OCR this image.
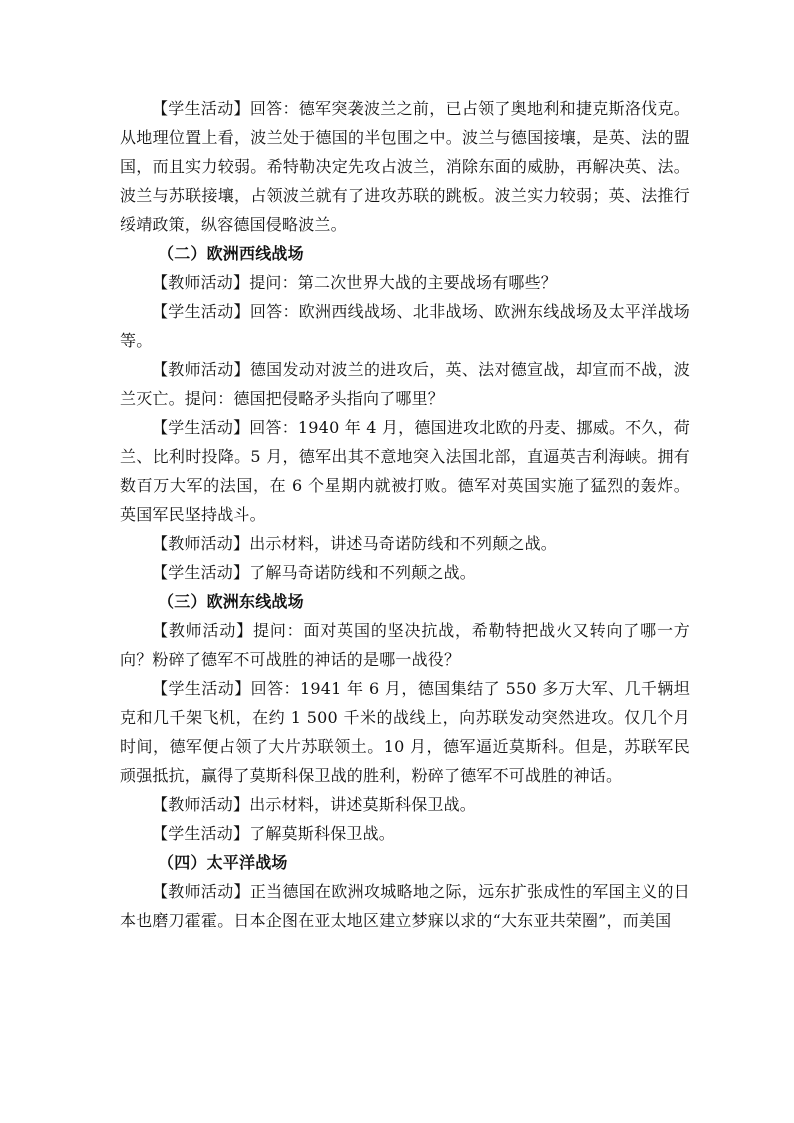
【学生活动】回答：德军突袭波兰之前，已占领了奥地利和捷克斯洛伐克。从地理位置上看，波兰处于德国的半包围之中。波兰与德国接壤，是英、法的盟国，而且实力较弱。希特勒决定先攻占波兰，消除东面的威胁，再解决英、法。波兰与苏联接壤，占领波兰就有了进攻苏联的跳板。波兰实力较弱；英、法推行绥靖政策，纵容德国侵略波兰。

（二）欧洲西线战场

【教师活动】提问：第二次世界大战的主要战场有哪些？

【学生活动】回答：欧洲西线战场、北非战场、欧洲东线战场及太平洋战场等。

【教师活动】德国发动对波兰的进攻后，英、法对德宣战，却宣而不战，波兰灭亡。提问：德国把侵略矛头指向了哪里？

【学生活动】回答：1940 年 4 月，德国进攻北欧的丹麦、挪威。不久，荷兰、比利时投降。5 月，德军出其不意地突入法国北部，直逼英吉利海峡。拥有数百万大军的法国，在 6 个星期内就被打败。德军对英国实施了猛烈的轰炸。英国军民坚持战斗。

【教师活动】出示材料，讲述马奇诺防线和不列颠之战。

【学生活动】了解马奇诺防线和不列颠之战。

（三）欧洲东线战场

【教师活动】提问：面对英国的坚决抗战，希勒特把战火又转向了哪一方向？粉碎了德军不可战胜的神话的是哪一战役？

【学生活动】回答：1941 年 6 月，德国集结了 550 多万大军、几千辆坦克和几千架飞机，在约 1 500 千米的战线上，向苏联发动突然进攻。仅几个月时间，德军便占领了大片苏联领土。10 月，德军逼近莫斯科。但是，苏联军民顽强抵抗，赢得了莫斯科保卫战的胜利，粉碎了德军不可战胜的神话。

【教师活动】出示材料，讲述莫斯科保卫战。

【学生活动】了解莫斯科保卫战。

（四）太平洋战场

【教师活动】正当德国在欧洲攻城略地之际，远东扩张成性的军国主义的日本也磨刀霍霍。日本企图在亚太地区建立梦寐以求的“大东亚共荣圈”，而美国
